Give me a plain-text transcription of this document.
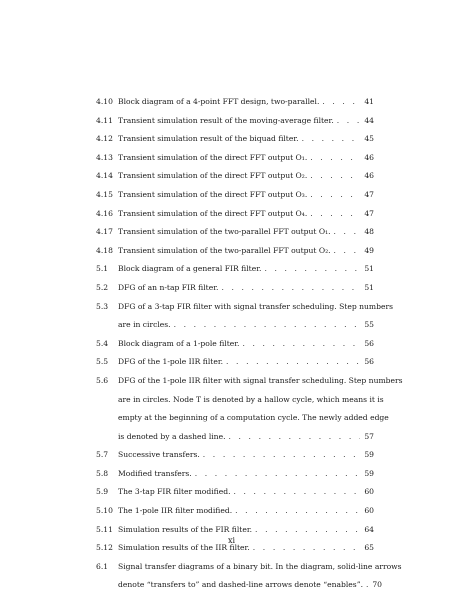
4.10 Block diagram of a 4-point FFT design, two-parallel. . . .	41
4.11 Transient simulation result of the moving-average filter. . . .	44
4.12 Transient simulation result of the biquad filter. . . .	45
4.13 Transient simulation of the direct FFT output O₁. . . .	46
4.14 Transient simulation of the direct FFT output O₂. . . .	46
4.15 Transient simulation of the direct FFT output O₃. . . .	47
4.16 Transient simulation of the direct FFT output O₄. . . .	47
4.17 Transient simulation of the two-parallel FFT output O₁. . . .	48
4.18 Transient simulation of the two-parallel FFT output O₂. . . .	49
5.1	Block diagram of a general FIR filter. . . .	51
5.2	DFG of an n-tap FIR filter. . . .	51
5.3	DFG of a 3-tap FIR filter with signal transfer scheduling. Step numbers
are in circles. . . .	55
5.4	Block diagram of a 1-pole filter. . . .	56
5.5	DFG of the 1-pole IIR filter. . . .	56
5.6	DFG of the 1-pole IIR filter with signal transfer scheduling. Step numbers
are in circles. Node T is denoted by a hallow cycle, which means it is
empty at the beginning of a computation cycle. The newly added edge
is denoted by a dashed line. . . .	57
5.7	Successive transfers. . . .	59
5.8	Modified transfers. . . .	59
5.9	The 3-tap FIR filter modified. . . .	60
5.10 The 1-pole IIR filter modified. . . .	60
5.11 Simulation results of the FIR filter. . . .	64
5.12 Simulation results of the IIR filter. . . .	65
6.1	Signal transfer diagrams of a binary bit. In the diagram, solid-line arrows
denote “transfers to” and dashed-line arrows denote “enables”. . . .	70
xi
